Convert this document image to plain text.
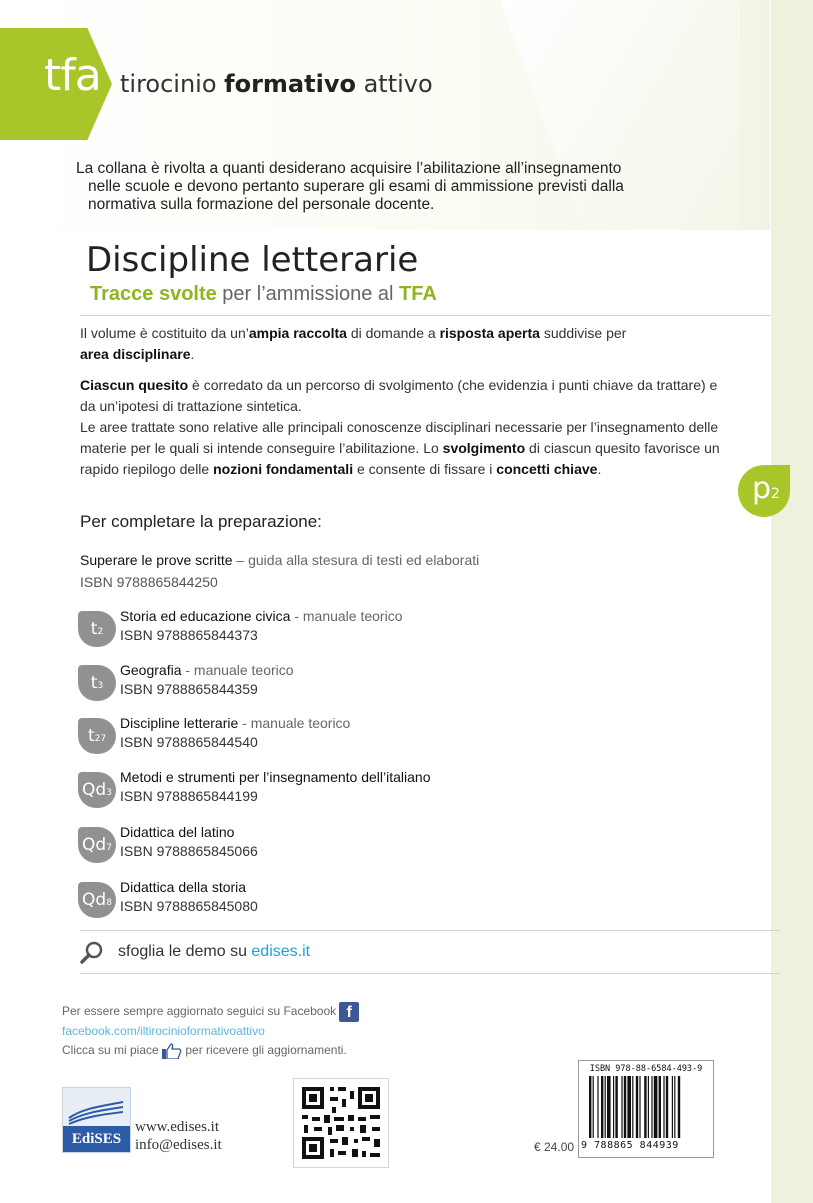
tfa tirocinio formativo attivo
La collana è rivolta a quanti desiderano acquisire l’abilitazione all’insegnamento
nelle scuole e devono pertanto superare gli esami di ammissione previsti dalla
normativa sulla formazione del personale docente.
Discipline letterarie
Tracce svolte per l’ammissione al TFA

Il volume è costituito da un’ampia raccolta di domande a risposta aperta suddivise per
area disciplinare.

Ciascun quesito è corredato da un percorso di svolgimento (che evidenzia i punti chiave da trattare) e da un’ipotesi di trattazione sintetica.

Le aree trattate sono relative alle principali conoscenze disciplinari necessarie per l’insegnamento delle materie per le quali si intende conseguire l’abilitazione. Lo svolgimento di ciascun quesito favorisce un rapido riepilogo delle nozioni fondamentali e consente di fissare i concetti chiave.

p2
Per completare la preparazione:
Superare le prove scritte – guida alla stesura di testi ed elaborati
ISBN 9788865844250
t2
Storia ed educazione civica - manuale teorico
ISBN 9788865844373
t3
Geografia - manuale teorico
ISBN 9788865844359
t27
Discipline letterarie - manuale teorico
ISBN 9788865844540
Qd3
Metodi e strumenti per l’insegnamento dell’italiano
ISBN 9788865844199
Qd7
Didattica del latino
ISBN 9788865845066
Qd8
Didattica della storia
ISBN 9788865845080
sfoglia le demo su edises.it
Per essere sempre aggiornato seguici su Facebook f
facebook.com/iltirocinioformativoattivo
Clicca su mi piace  per ricevere gli aggiornamenti.
EdiSES
www.edises.it
info@edises.it	€ 24.00
ISBN 978-88-6584-493-9
9 788865 844939
